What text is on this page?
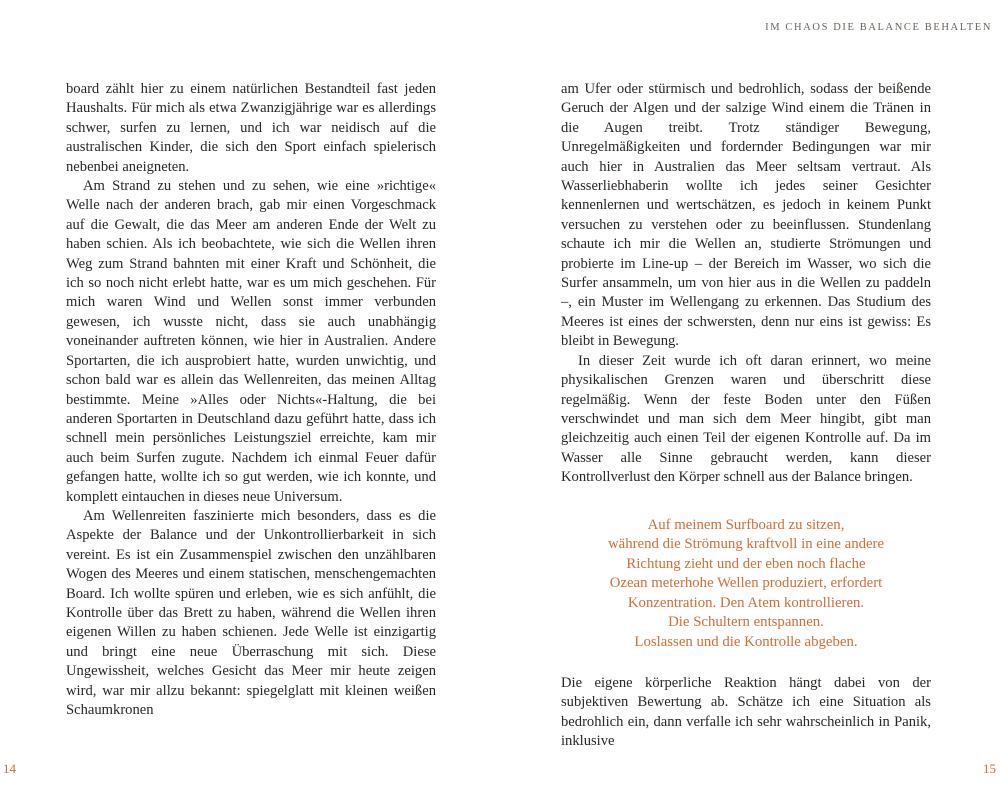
IM CHAOS DIE BALANCE BEHALTEN

board zählt hier zu einem natürlichen Bestandteil fast jeden Haushalts. Für mich als etwa Zwanzigjährige war es allerdings schwer, surfen zu lernen, und ich war neidisch auf die australischen Kinder, die sich den Sport einfach spielerisch nebenbei aneigneten.

Am Strand zu stehen und zu sehen, wie eine »richtige« Welle nach der anderen brach, gab mir einen Vorgeschmack auf die Gewalt, die das Meer am anderen Ende der Welt zu haben schien. Als ich beobachtete, wie sich die Wellen ihren Weg zum Strand bahnten mit einer Kraft und Schönheit, die ich so noch nicht erlebt hatte, war es um mich geschehen. Für mich waren Wind und Wellen sonst immer verbunden gewesen, ich wusste nicht, dass sie auch unabhängig voneinander auftreten können, wie hier in Australien. Andere Sportarten, die ich ausprobiert hatte, wurden unwichtig, und schon bald war es allein das Wellenreiten, das meinen Alltag bestimmte. Meine »Alles oder Nichts«-Haltung, die bei anderen Sportarten in Deutschland dazu geführt hatte, dass ich schnell mein persönliches Leistungsziel erreichte, kam mir auch beim Surfen zugute. Nachdem ich einmal Feuer dafür gefangen hatte, wollte ich so gut werden, wie ich konnte, und komplett eintauchen in dieses neue Universum.

Am Wellenreiten faszinierte mich besonders, dass es die Aspekte der Balance und der Unkontrollierbarkeit in sich vereint. Es ist ein Zusammenspiel zwischen den unzählbaren Wogen des Meeres und einem statischen, menschengemachten Board. Ich wollte spüren und erleben, wie es sich anfühlt, die Kontrolle über das Brett zu haben, während die Wellen ihren eigenen Willen zu haben schienen. Jede Welle ist einzigartig und bringt eine neue Überraschung mit sich. Diese Ungewissheit, welches Gesicht das Meer mir heute zeigen wird, war mir allzu bekannt: spiegelglatt mit kleinen weißen Schaumkronen

am Ufer oder stürmisch und bedrohlich, sodass der beißende Geruch der Algen und der salzige Wind einem die Tränen in die Augen treibt. Trotz ständiger Bewegung, Unregelmäßigkeiten und fordernder Bedingungen war mir auch hier in Australien das Meer seltsam vertraut. Als Wasserliebhaberin wollte ich jedes seiner Gesichter kennenlernen und wertschätzen, es jedoch in keinem Punkt versuchen zu verstehen oder zu beeinflussen. Stundenlang schaute ich mir die Wellen an, studierte Strömungen und probierte im Line-up – der Bereich im Wasser, wo sich die Surfer ansammeln, um von hier aus in die Wellen zu paddeln –, ein Muster im Wellengang zu erkennen. Das Studium des Meeres ist eines der schwersten, denn nur eins ist gewiss: Es bleibt in Bewegung.

In dieser Zeit wurde ich oft daran erinnert, wo meine physikalischen Grenzen waren und überschritt diese regelmäßig. Wenn der feste Boden unter den Füßen verschwindet und man sich dem Meer hingibt, gibt man gleichzeitig auch einen Teil der eigenen Kontrolle auf. Da im Wasser alle Sinne gebraucht werden, kann dieser Kontrollverlust den Körper schnell aus der Balance bringen.

Auf meinem Surfboard zu sitzen,
während die Strömung kraftvoll in eine andere
Richtung zieht und der eben noch flache
Ozean meterhohe Wellen produziert, erfordert
Konzentration. Den Atem kontrollieren.
Die Schultern entspannen.
Loslassen und die Kontrolle abgeben.

Die eigene körperliche Reaktion hängt dabei von der subjektiven Bewertung ab. Schätze ich eine Situation als bedrohlich ein, dann verfalle ich sehr wahrscheinlich in Panik, inklusive

14	15
